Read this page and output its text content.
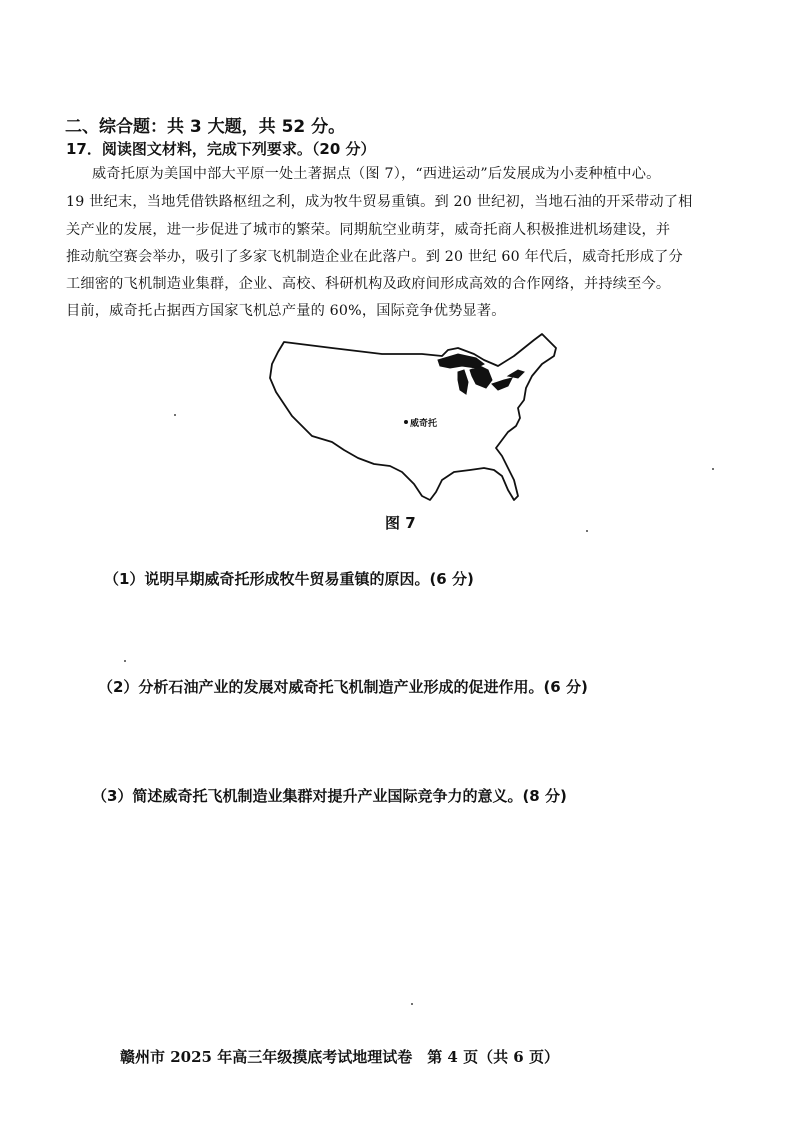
二、综合题：共 3 大题，共 52 分。
17．阅读图文材料，完成下列要求。（20 分）
威奇托原为美国中部大平原一处土著据点（图 7），“西进运动”后发展成为小麦种植中心。
19 世纪末，当地凭借铁路枢纽之利，成为牧牛贸易重镇。到 20 世纪初，当地石油的开采带动了相
关产业的发展，进一步促进了城市的繁荣。同期航空业萌芽，威奇托商人积极推进机场建设，并
推动航空赛会举办，吸引了多家飞机制造企业在此落户。到 20 世纪 60 年代后，威奇托形成了分
工细密的飞机制造业集群，企业、高校、科研机构及政府间形成高效的合作网络，并持续至今。
目前，威奇托占据西方国家飞机总产量的 60%，国际竞争优势显著。
威奇托
图 7
（1）说明早期威奇托形成牧牛贸易重镇的原因。(6 分)
（2）分析石油产业的发展对威奇托飞机制造产业形成的促进作用。(6 分)
（3）简述威奇托飞机制造业集群对提升产业国际竞争力的意义。(8 分)
赣州市 2025 年高三年级摸底考试地理试卷　第 4 页（共 6 页）
